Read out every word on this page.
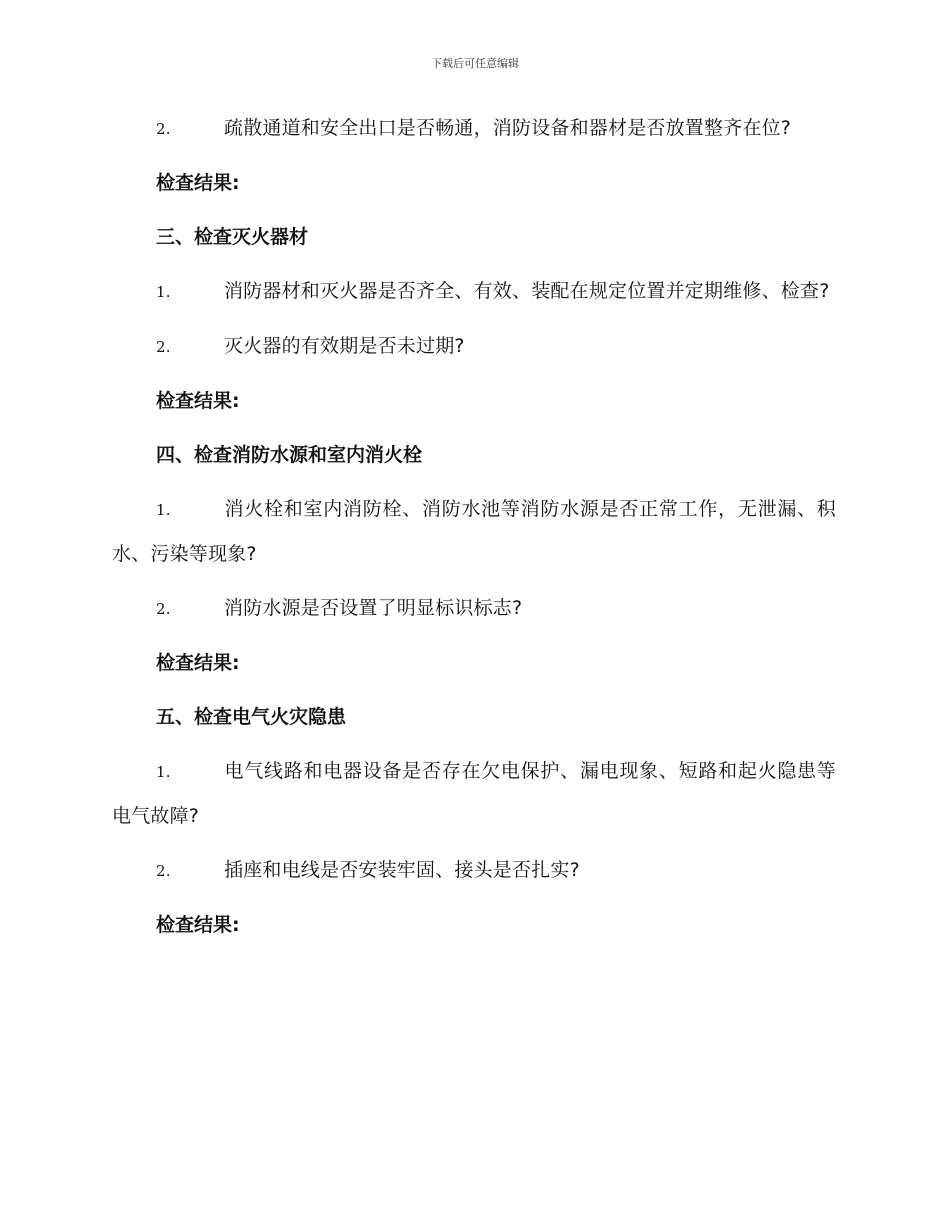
下载后可任意编辑

2.	疏散通道和安全出口是否畅通，消防设备和器材是否放置整齐在位?

检查结果:

三、检查灭火器材

1.	消防器材和灭火器是否齐全、有效、装配在规定位置并定期维修、检查?

2.	灭火器的有效期是否未过期?

检查结果:

四、检查消防水源和室内消火栓

1.	消火栓和室内消防栓、消防水池等消防水源是否正常工作，无泄漏、积水、污染等现象?

2.	消防水源是否设置了明显标识标志?

检查结果:

五、检查电气火灾隐患

1.	电气线路和电器设备是否存在欠电保护、漏电现象、短路和起火隐患等电气故障?

2.	插座和电线是否安装牢固、接头是否扎实?

检查结果:
